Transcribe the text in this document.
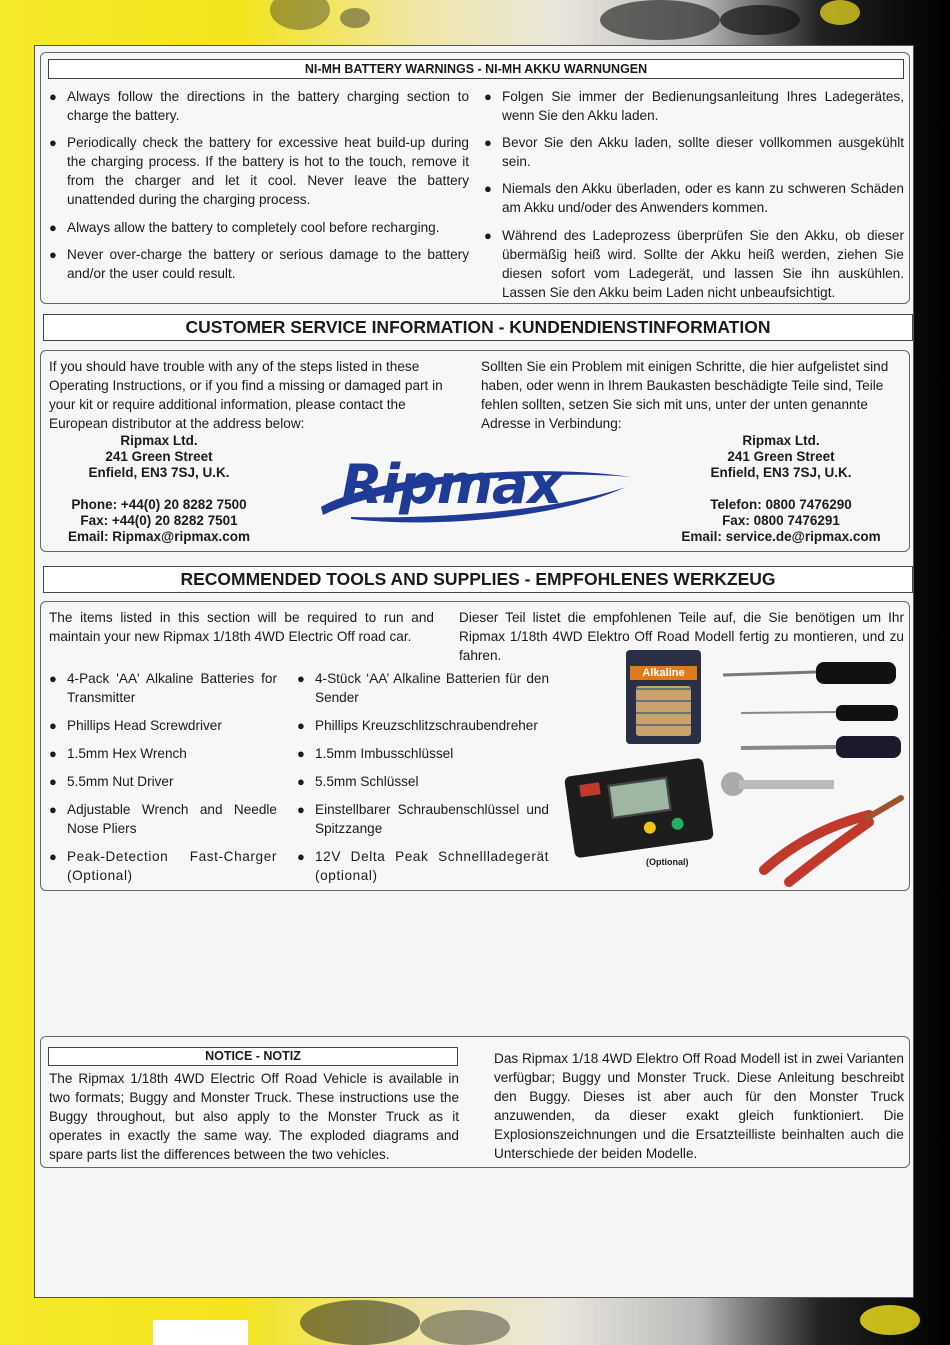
NI-MH BATTERY WARNINGS - NI-MH AKKU WARNUNGEN
● Always follow the directions in the battery charging section to charge the battery.
● Periodically check the battery for excessive heat build-up during the charging process. If the battery is hot to the touch, remove it from the charger and let it cool. Never leave the battery unattended during the charging process.
● Always allow the battery to completely cool before recharging.
● Never over-charge the battery or serious damage to the battery and/or the user could result.
● Folgen Sie immer der Bedienungsanleitung Ihres Ladegerätes, wenn Sie den Akku laden.
● Bevor Sie den Akku laden, sollte dieser vollkommen ausgekühlt sein.
● Niemals den Akku überladen, oder es kann zu schweren Schäden am Akku und/oder des Anwenders kommen.
● Während des Ladeprozess überprüfen Sie den Akku, ob dieser übermäßig heiß wird. Sollte der Akku heiß werden, ziehen Sie diesen sofort vom Ladegerät, und lassen Sie ihn auskühlen. Lassen Sie den Akku beim Laden nicht unbeaufsichtigt.
CUSTOMER SERVICE INFORMATION - KUNDENDIENSTINFORMATION
If you should have trouble with any of the steps listed in these Operating Instructions, or if you find a missing or damaged part in your kit or require additional information, please contact the European distributor at the address below:
Sollten Sie ein Problem mit einigen Schritte, die hier aufgelistet sind haben, oder wenn in Ihrem Baukasten beschädigte Teile sind, Teile fehlen sollten, setzen Sie sich mit uns, unter der unten genannte Adresse in Verbindung:
Ripmax Ltd.
241 Green Street
Enfield, EN3 7SJ, U.K.
Phone: +44(0) 20 8282 7500
Fax: +44(0) 20 8282 7501
Email: Ripmax@ripmax.com
Ripmax Ltd.
241 Green Street
Enfield, EN3 7SJ, U.K.
Telefon: 0800 7476290
Fax: 0800 7476291
Email: service.de@ripmax.com
Ripmax
RECOMMENDED TOOLS AND SUPPLIES - EMPFOHLENES WERKZEUG
The items listed in this section will be required to run and maintain your new Ripmax 1/18th 4WD Electric Off road car.
Dieser Teil listet die empfohlenen Teile auf, die Sie benötigen um Ihr Ripmax 1/18th 4WD Elektro Off Road Modell fertig zu montieren, und zu fahren.
● 4-Pack 'AA' Alkaline Batteries for Transmitter
● Phillips Head Screwdriver
● 1.5mm Hex Wrench
● 5.5mm Nut Driver
● Adjustable Wrench and Needle Nose Pliers
● Peak-Detection Fast-Charger (Optional)
● 4-Stück ‘AA’ Alkaline Batterien für den Sender
● Phillips Kreuzschlitzschraubendreher
● 1.5mm Imbusschlüssel
● 5.5mm Schlüssel
● Einstellbarer Schraubenschlüssel und Spitzzange
● 12V Delta Peak Schnellladegerät (optional)
Alkaline
(Optional)
NOTICE - NOTIZ
The Ripmax 1/18th 4WD Electric Off Road Vehicle is available in two formats; Buggy and Monster Truck. These instructions use the Buggy throughout, but also apply to the Monster Truck as it operates in exactly the same way. The exploded diagrams and spare parts list the differences between the two vehicles.
Das Ripmax 1/18 4WD Elektro Off Road Modell ist in zwei Varianten verfügbar; Buggy und Monster Truck. Diese Anleitung beschreibt den Buggy. Dieses ist aber auch für den Monster Truck anzuwenden, da dieser exakt gleich funktioniert. Die Explosionszeichnungen und die Ersatzteilliste beinhalten auch die Unterschiede der beiden Modelle.
